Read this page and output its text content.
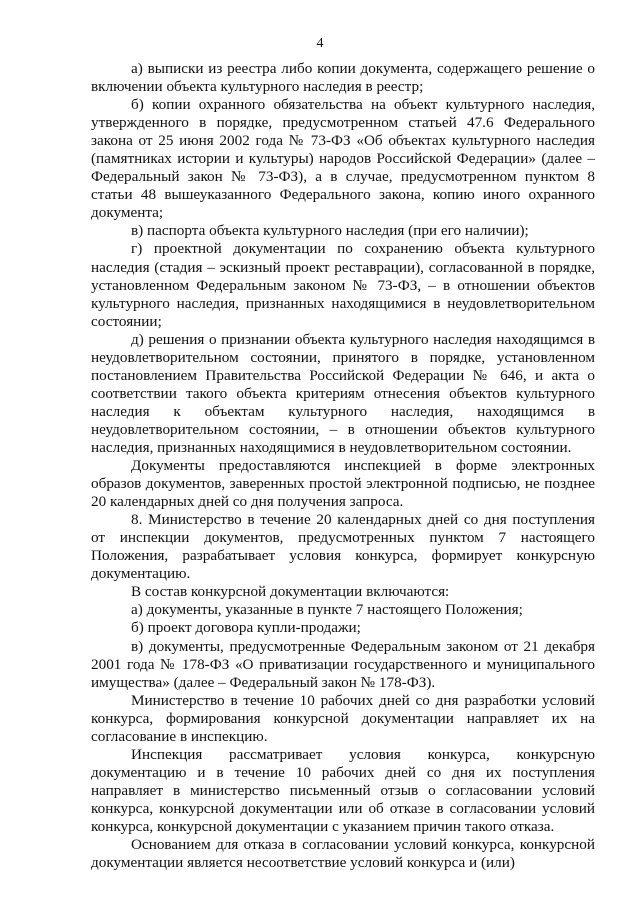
4

а) выписки из реестра либо копии документа, содержащего решение о включении объекта культурного наследия в реестр;

б) копии охранного обязательства на объект культурного наследия, утвержденного в порядке, предусмотренном статьей 47.6 Федерального закона от 25 июня 2002 года № 73-ФЗ «Об объектах культурного наследия (памятниках истории и культуры) народов Российской Федерации» (далее – Федеральный закон № 73-ФЗ), а в случае, предусмотренном пунктом 8 статьи 48 вышеуказанного Федерального закона, копию иного охранного документа;

в) паспорта объекта культурного наследия (при его наличии);

г) проектной документации по сохранению объекта культурного наследия (стадия – эскизный проект реставрации), согласованной в порядке, установленном Федеральным законом № 73-ФЗ, – в отношении объектов культурного наследия, признанных находящимися в неудовлетворительном состоянии;

д) решения о признании объекта культурного наследия находящимся в неудовлетворительном состоянии, принятого в порядке, установленном постановлением Правительства Российской Федерации № 646, и акта о соответствии такого объекта критериям отнесения объектов культурного наследия к объектам культурного наследия, находящимся в неудовлетворительном состоянии, – в отношении объектов культурного наследия, признанных находящимися в неудовлетворительном состоянии.

Документы предоставляются инспекцией в форме электронных образов документов, заверенных простой электронной подписью, не позднее 20 календарных дней со дня получения запроса.

8. Министерство в течение 20 календарных дней со дня поступления от инспекции документов, предусмотренных пунктом 7 настоящего Положения, разрабатывает условия конкурса, формирует конкурсную документацию.

В состав конкурсной документации включаются:

а) документы, указанные в пункте 7 настоящего Положения;

б) проект договора купли-продажи;

в) документы, предусмотренные Федеральным законом от 21 декабря 2001 года № 178-ФЗ «О приватизации государственного и муниципального имущества» (далее – Федеральный закон № 178-ФЗ).

Министерство в течение 10 рабочих дней со дня разработки условий конкурса, формирования конкурсной документации направляет их на согласование в инспекцию.

Инспекция рассматривает условия конкурса, конкурсную документацию и в течение 10 рабочих дней со дня их поступления направляет в министерство письменный отзыв о согласовании условий конкурса, конкурсной документации или об отказе в согласовании условий конкурса, конкурсной документации с указанием причин такого отказа.

Основанием для отказа в согласовании условий конкурса, конкурсной документации является несоответствие условий конкурса и (или)
